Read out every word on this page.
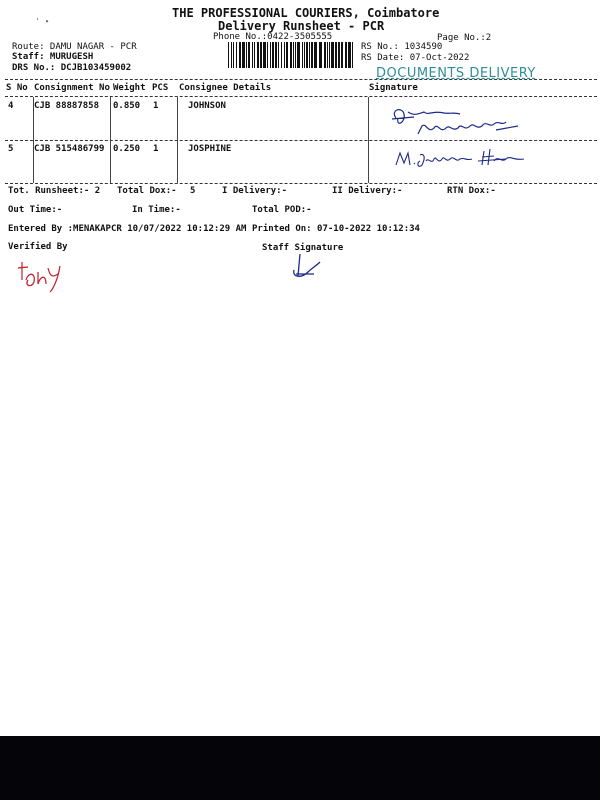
THE PROFESSIONAL COURIERS, Coimbatore
Delivery Runsheet - PCR
Phone No.:0422-3505555	Page No.:2
Route: DAMU NAGAR - PCR
Staff: MURUGESH
DRS No.: DCJB103459002
RS No.: 1034590
RS Date: 07-Oct-2022
DOCUMENTS DELIVERY
S No Consignment No Weight PCS Consignee Details	Signature
4 CJB 88887858 0.850 1	JOHNSON
5 CJB 515486799 0.250 1	JOSPHINE
Tot. Runsheet:- 2 Total Dox:- 5	I Delivery:-	II Delivery:-	RTN Dox:-
Out Time:-	In Time:-	Total POD:-
Entered By :MENAKAPCR 10/07/2022 10:12:29 AM Printed On: 07-10-2022 10:12:34
Verified By	Staff Signature
' ∙
